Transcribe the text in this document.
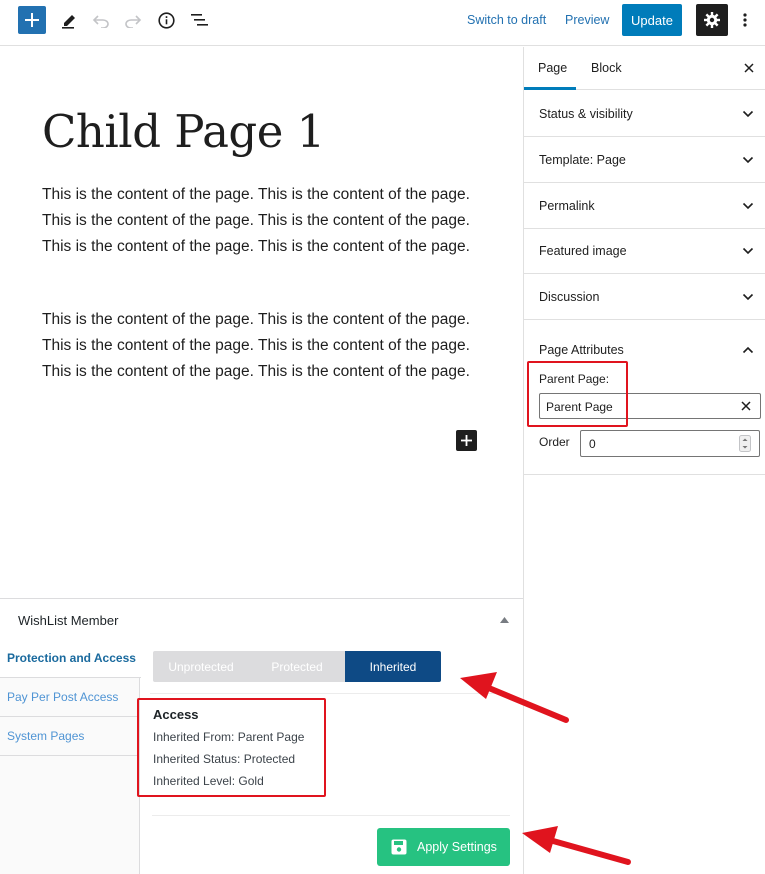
Switch to draft Preview	Update
Child Page 1

This is the content of the page. This is the content of the page. This is the content of the page. This is the content of the page. This is the content of the page. This is the content of the page.

This is the content of the page. This is the content of the page. This is the content of the page. This is the content of the page. This is the content of the page. This is the content of the page.

Page Block
Status & visibility
Template: Page
Permalink
Featured image
Discussion
Page Attributes
Parent Page:
Parent Page
Order 0
WishList Member
Protection and Access
Pay Per Post Access
System Pages
Unprotected	Protected	Inherited
Access
Inherited From: Parent Page
Inherited Status: Protected
Inherited Level: Gold
Apply Settings
